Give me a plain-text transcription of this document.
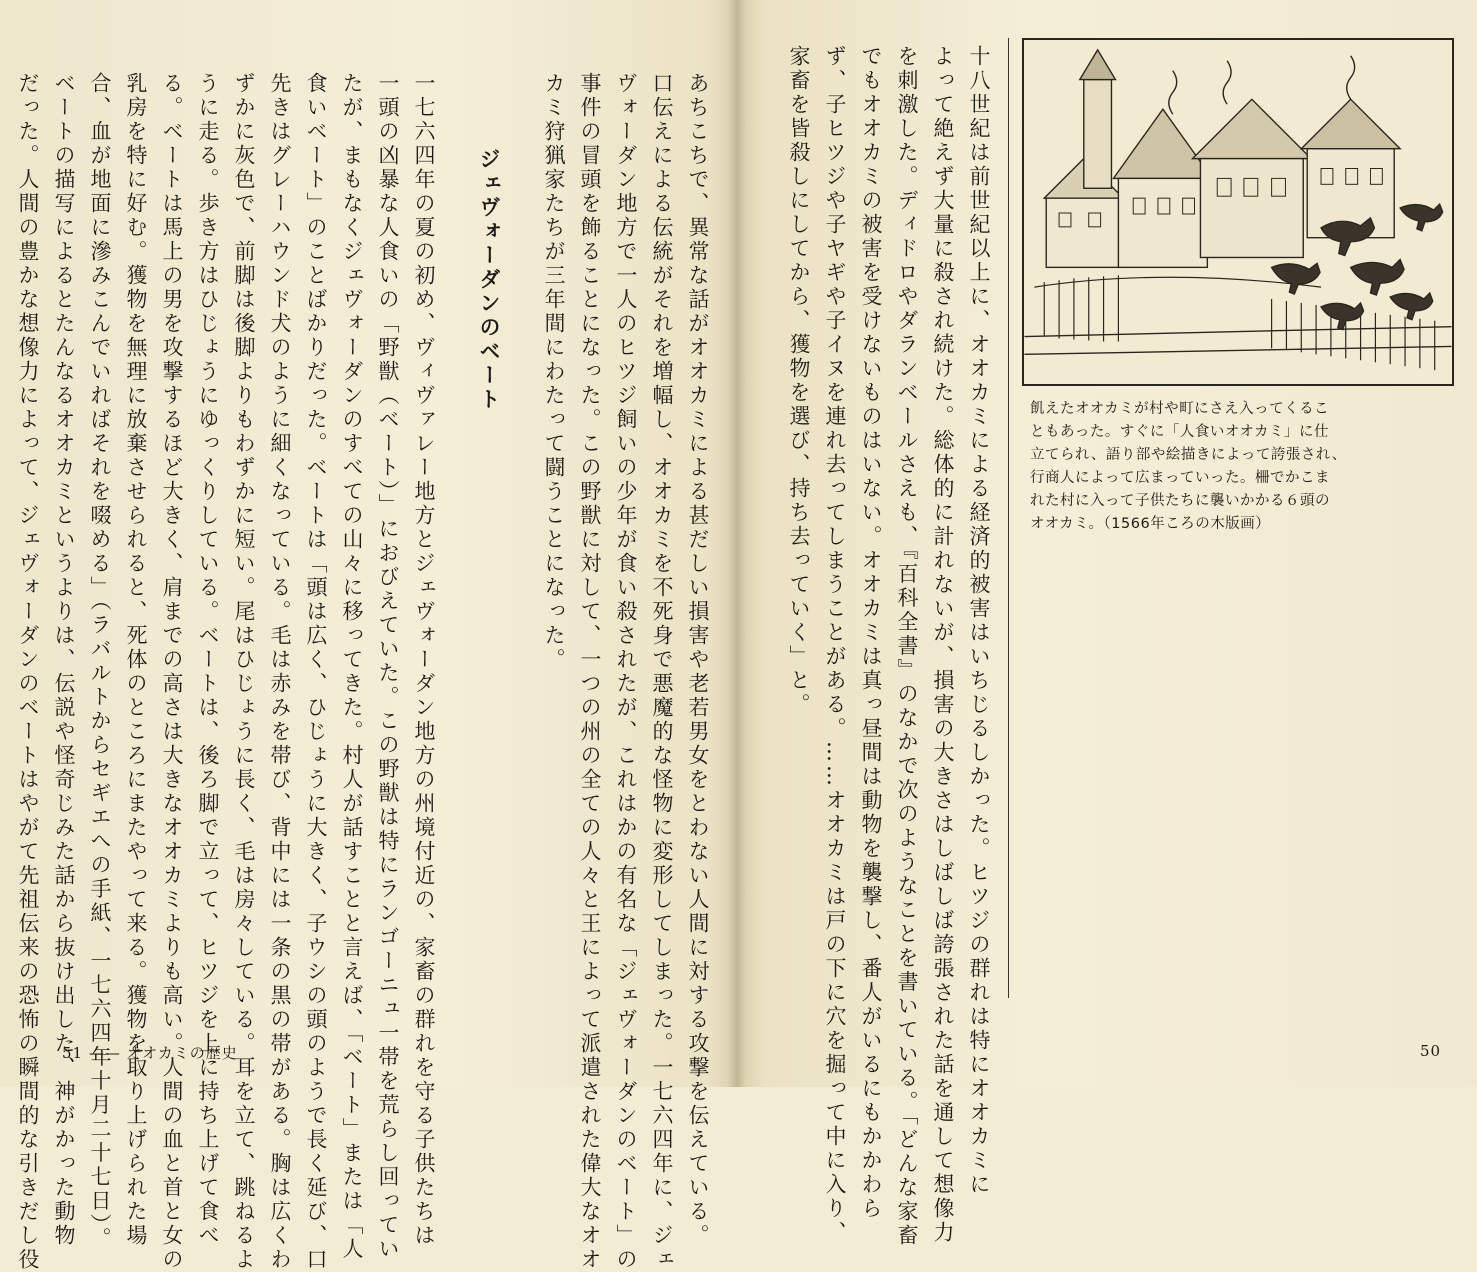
あちこちで、異常な話がオオカミによる甚だしい損害や老若男女をとわない人間に対する攻撃を伝えている。
口伝えによる伝統がそれを増幅し、オオカミを不死身で悪魔的な怪物に変形してしまった。一七六四年に、ジェ
ヴォーダン地方で一人のヒツジ飼いの少年が食い殺されたが、これはかの有名な「ジェヴォーダンのベート」の
事件の冒頭を飾ることになった。この野獣に対して、一つの州の全ての人々と王によって派遣された偉大なオオ
カミ狩猟家たちが三年間にわたって闘うことになった。
ジェヴォーダンのベート
一七六四年の夏の初め、ヴィヴァレー地方とジェヴォーダン地方の州境付近の、家畜の群れを守る子供たちは
一頭の凶暴な人食いの「野獣（ベート）」におびえていた。この野獣は特にランゴーニュ一帯を荒らし回ってい
たが、まもなくジェヴォーダンのすべての山々に移ってきた。村人が話すことと言えば、「ベート」または「人
食いベート」のことばかりだった。ベートは「頭は広く、ひじょうに大きく、子ウシの頭のようで長く延び、口
先きはグレーハウンド犬のように細くなっている。毛は赤みを帯び、背中には一条の黒の帯がある。胸は広くわ
ずかに灰色で、前脚は後脚よりもわずかに短い。尾はひじょうに長く、毛は房々している。耳を立て、跳ねるよ
うに走る。歩き方はひじょうにゆっくりしている。ベートは、後ろ脚で立って、ヒツジを上に持ち上げて食べ
る。ベートは馬上の男を攻撃するほど大きく、肩までの高さは大きなオオカミよりも高い。人間の血と首と女の
乳房を特に好む。獲物を無理に放棄させられると、死体のところにまたやって来る。獲物を取り上げられた場
合、血が地面に滲みこんでいればそれを啜める」（ラバルトからセギエへの手紙、一七六四年十月二十七日）。
ベートの描写によるとたんなるオオカミというよりは、伝説や怪奇じみた話から抜け出した、神がかった動物
だった。人間の豊かな想像力によって、ジェヴォーダンのベートはやがて先祖伝来の恐怖の瞬間的な引きだし役 51 —— オオカミの歴史	十八世紀は前世紀以上に、オオカミによる経済的被害はいちじるしかった。ヒツジの群れは特にオオカミに
よって絶えず大量に殺され続けた。総体的に計れないが、損害の大きさはしばしば誇張された話を通して想像力
を刺激した。ディドロやダランベールさえも、『百科全書』のなかで次のようなことを書いている。「どんな家畜
でもオオカミの被害を受けないものはいない。オオカミは真っ昼間は動物を襲撃し、番人がいるにもかかわら
ず、子ヒツジや子ヤギや子イヌを連れ去ってしまうことがある。……オオカミは戸の下に穴を掘って中に入り、
家畜を皆殺しにしてから、獲物を選び、持ち去っていく」と。	飢えたオオカミが村や町にさえ入ってくるこ
ともあった。すぐに「人食いオオカミ」に仕
立てられ、語り部や絵描きによって誇張され、
行商人によって広まっていった。柵でかこま
れた村に入って子供たちに襲いかかる６頭の
オオカミ。（1566年ころの木版画）
50
